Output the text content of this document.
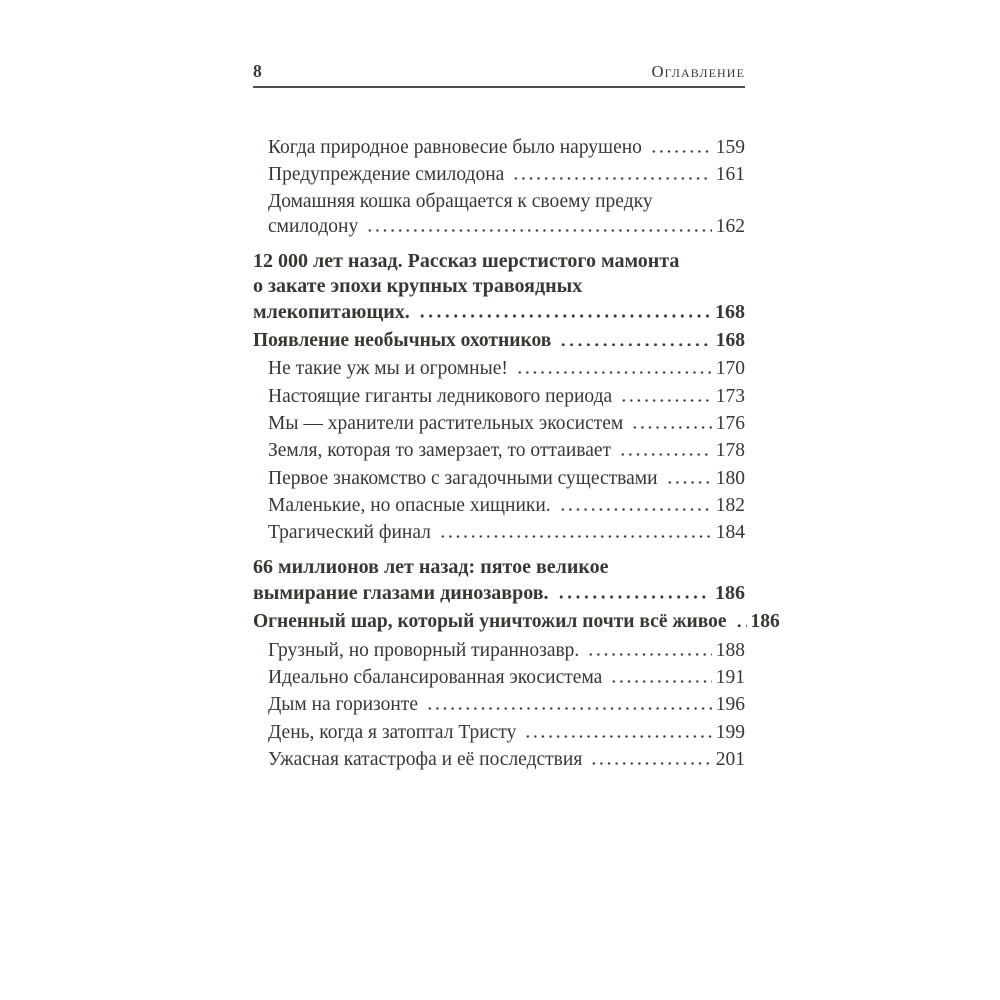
8	Оглавление
Когда природное равновесие было нарушено	159
Предупреждение смилодона	161
Домашняя кошка обращается к своему предку
смилодону	162
12 000 лет назад. Рассказ шерстистого мамонта
о закате эпохи крупных травоядных
млекопитающих.	168
Появление необычных охотников	168
Не такие уж мы и огромные!	170
Настоящие гиганты ледникового периода	173
Мы — хранители растительных экосистем	176
Земля, которая то замерзает, то оттаивает	178
Первое знакомство с загадочными существами	180
Маленькие, но опасные хищники.	182
Трагический финал	184
66 миллионов лет назад: пятое великое
вымирание глазами динозавров.	186
Огненный шар, который уничтожил почти всё живое 186
Грузный, но проворный тираннозавр.	188
Идеально сбалансированная экосистема	191
Дым на горизонте	196
День, когда я затоптал Тристу	199
Ужасная катастрофа и её последствия	201
